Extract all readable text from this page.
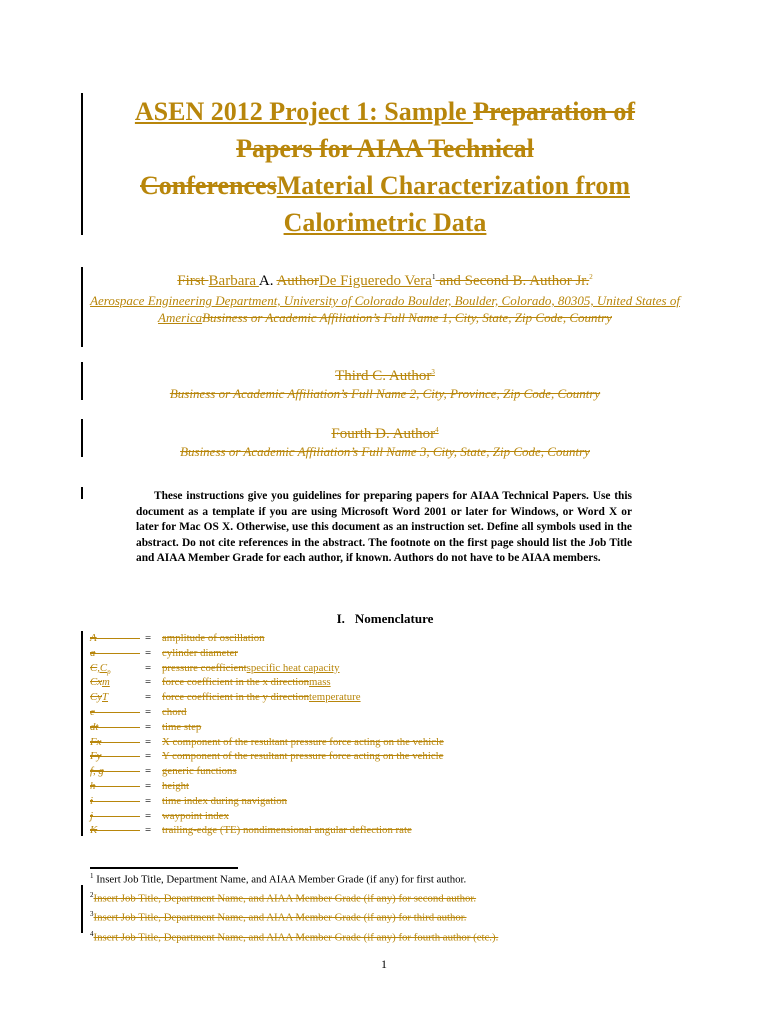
ASEN 2012 Project 1: Sample Preparation of
Papers for AIAA Technical
ConferencesMaterial Characterization from Calorimetric Data
First Barbara A. AuthorDe Figueredo Vera$^1$ and Second B. Author Jr.$^2$
Aerospace Engineering Department, University of Colorado Boulder, Boulder, Colorado, 80305, United States of AmericaBusiness or Academic Affiliation’s Full Name 1, City, State, Zip Code, Country
Third C. Author$^3$
Business or Academic Affiliation’s Full Name 2, City, Province, Zip Code, Country
Fourth D. Author$^4$
Business or Academic Affiliation’s Full Name 3, City, State, Zip Code, Country
These instructions give you guidelines for preparing papers for AIAA Technical Papers. Use this document as a template if you are using Microsoft Word 2001 or later for Windows, or Word X or later for Mac OS X. Otherwise, use this document as an instruction set. Define all symbols used in the abstract. Do not cite references in the abstract. The footnote on the first page should list the Job Title and AIAA Member Grade for each author, if known. Authors do not have to be AIAA members.
I. Nomenclature
A	= amplitude of oscillation
a	= cylinder diameter
$C,C_p$	= pressure coefficientspecific heat capacity
Cxm	= force coefficient in the x directionmass
CyT	= force coefficient in the y directiontemperature
c	= chord
dt	= time step
Fx	= X component of the resultant pressure force acting on the vehicle
Fy	= Y component of the resultant pressure force acting on the vehicle
f, g	= generic functions
h	= height
i	= time index during navigation
j	= waypoint index
K	= trailing-edge (TE) nondimensional angular deflection rate
$^1$ Insert Job Title, Department Name, and AIAA Member Grade (if any) for first author.
$^2$Insert Job Title, Department Name, and AIAA Member Grade (if any) for second author.
$^3$Insert Job Title, Department Name, and AIAA Member Grade (if any) for third author.
$^4$Insert Job Title, Department Name, and AIAA Member Grade (if any) for fourth author (etc.).
1
